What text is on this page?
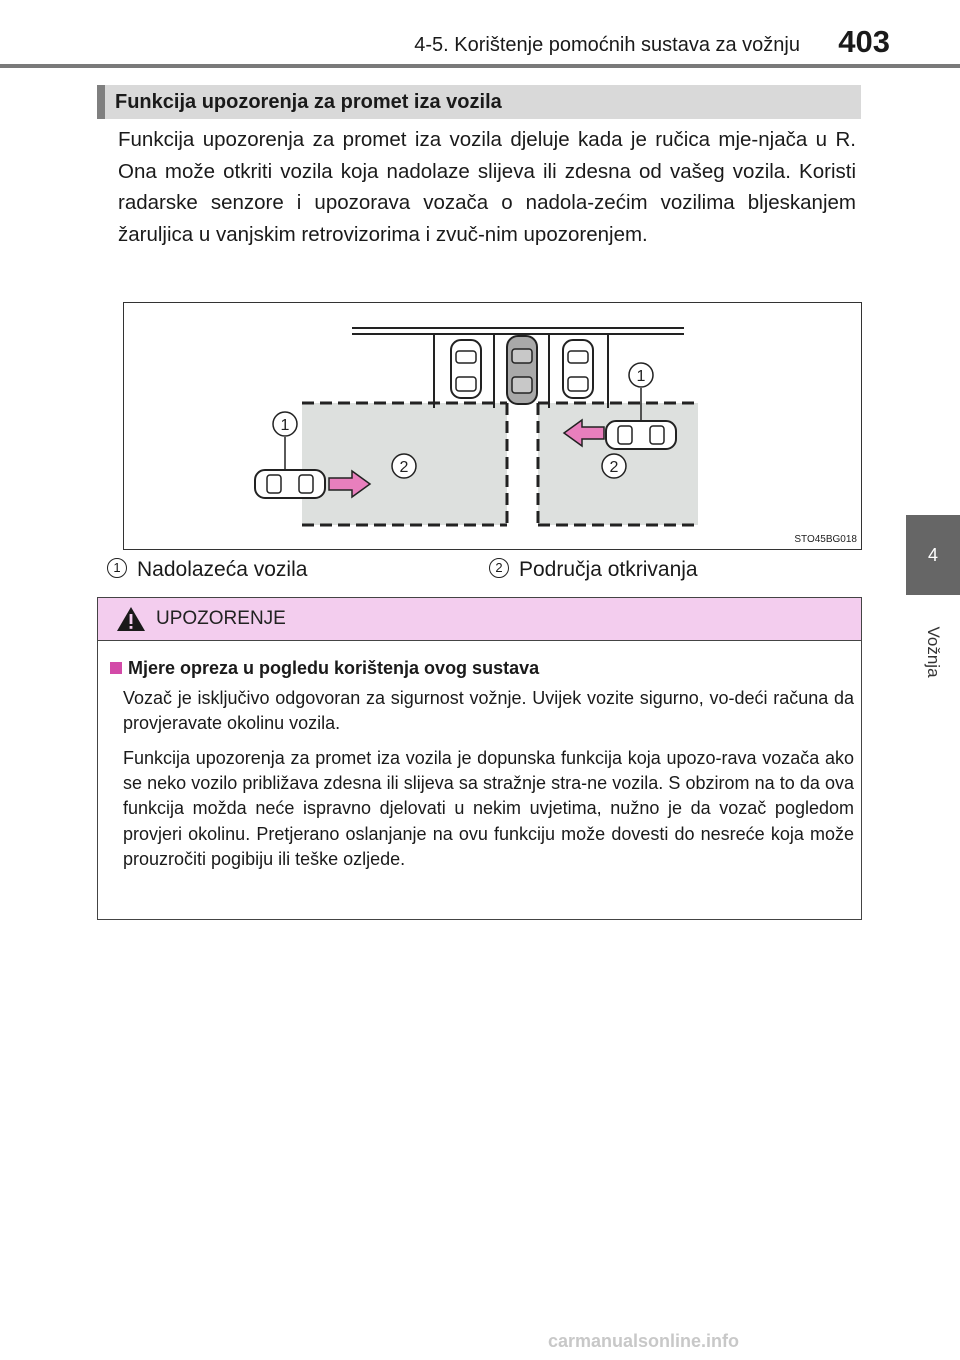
4-5. Korištenje pomoćnih sustava za vožnju	403
4
Vožnja
Funkcija upozorenja za promet iza vozila
Funkcija upozorenja za promet iza vozila djeluje kada je ručica mje-njača u R. Ona može otkriti vozila koja nadolaze slijeva ili zdesna od vašeg vozila. Koristi radarske senzore i upozorava vozača o nadola-zećim vozilima bljeskanjem žaruljica u vanjskim retrovizorima i zvuč-nim upozorenjem.
1
1
2	2
STO45BG018
1 Nadolazeća vozila	2 Područja otkrivanja
UPOZORENJE
Mjere opreza u pogledu korištenja ovog sustava
Vozač je isključivo odgovoran za sigurnost vožnje. Uvijek vozite sigurno, vo-deći računa da provjeravate okolinu vozila.
Funkcija upozorenja za promet iza vozila je dopunska funkcija koja upozo-rava vozača ako se neko vozilo približava zdesna ili slijeva sa stražnje stra-ne vozila. S obzirom na to da ova funkcija možda neće ispravno djelovati u nekim uvjetima, nužno je da vozač pogledom provjeri okolinu. Pretjerano oslanjanje na ovu funkciju može dovesti do nesreće koja može prouzročiti pogibiju ili teške ozljede.
carmanualsonline.info
